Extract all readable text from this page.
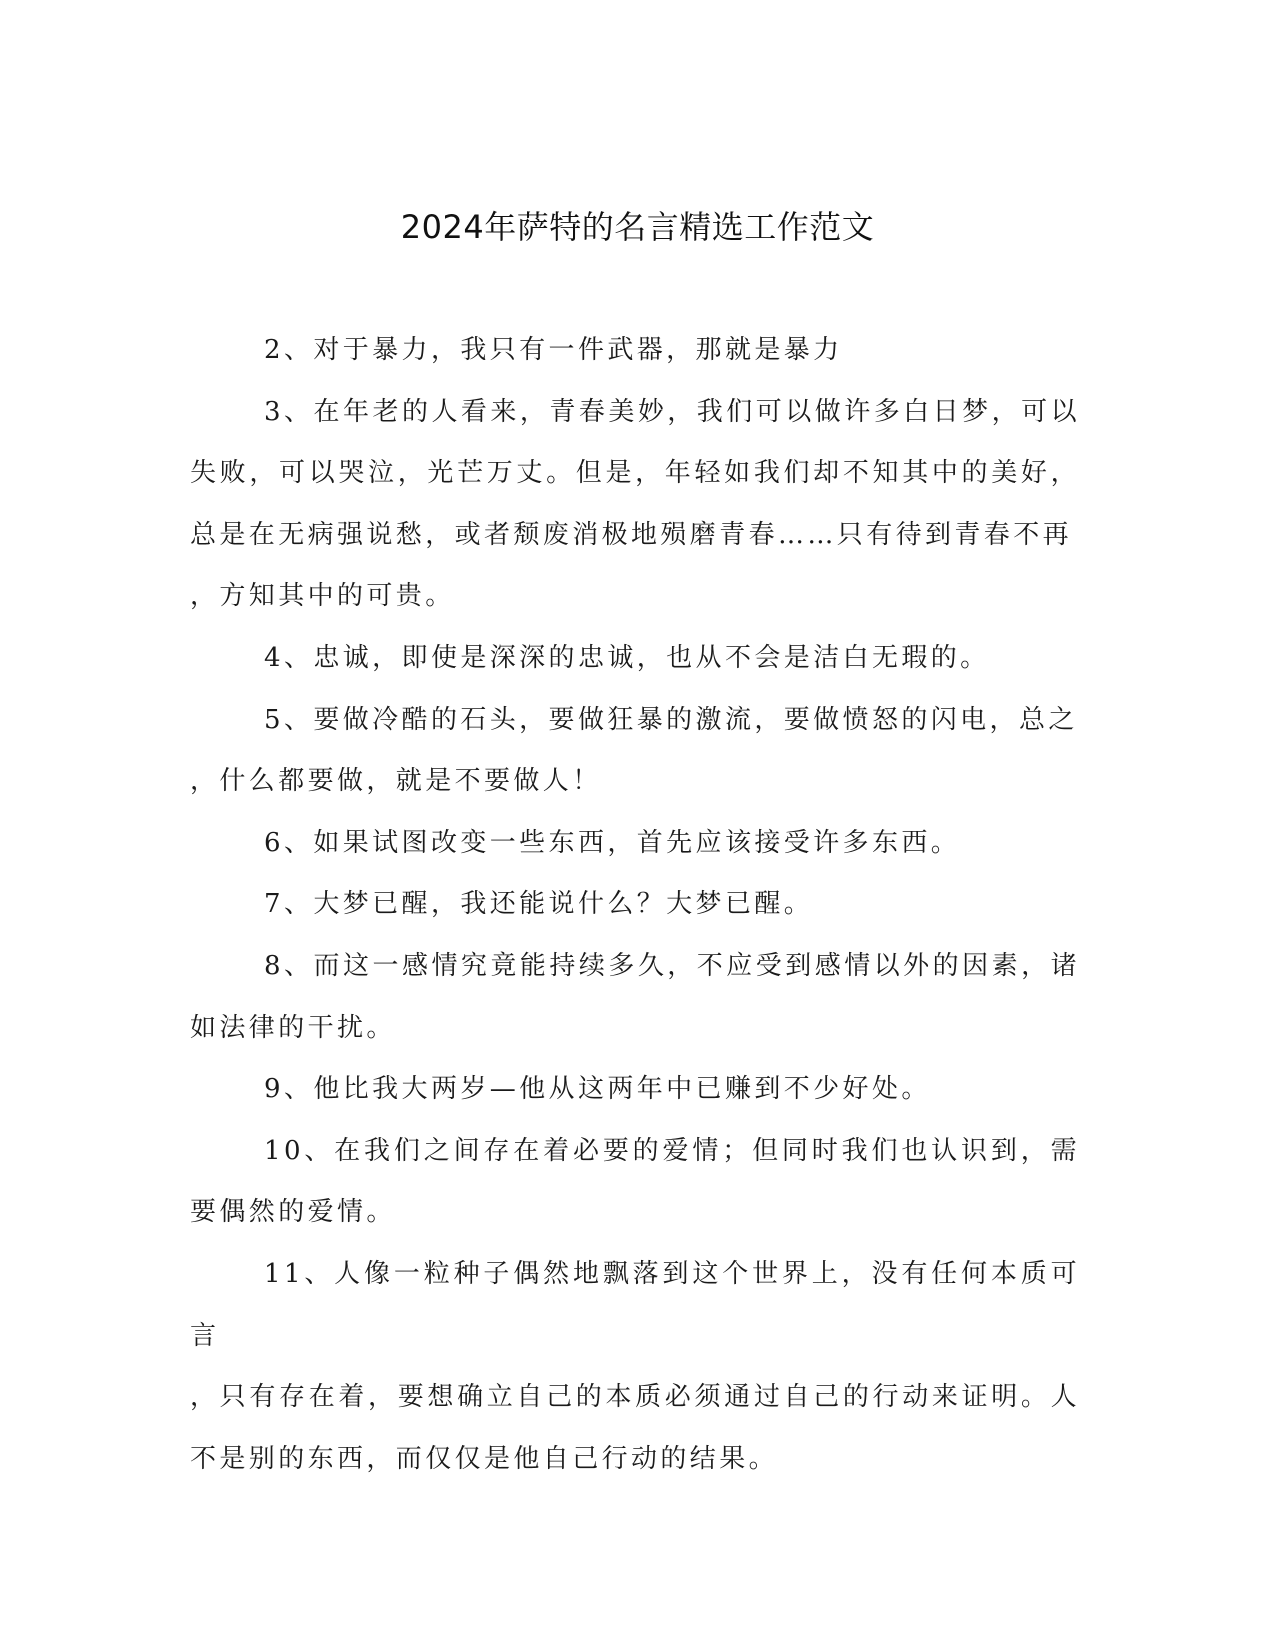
2024年萨特的名言精选工作范文

2、对于暴力，我只有一件武器，那就是暴力

3、在年老的人看来，青春美妙，我们可以做许多白日梦，可以失败，可以哭泣，光芒万丈。但是，年轻如我们却不知其中的美好，总是在无病强说愁，或者颓废消极地殒磨青春……只有待到青春不再
，方知其中的可贵。

4、忠诚，即使是深深的忠诚，也从不会是洁白无瑕的。

5、要做冷酷的石头，要做狂暴的激流，要做愤怒的闪电，总之
，什么都要做，就是不要做人！

6、如果试图改变一些东西，首先应该接受许多东西。

7、大梦已醒，我还能说什么？大梦已醒。

8、而这一感情究竟能持续多久，不应受到感情以外的因素，诸如法律的干扰。

9、他比我大两岁—他从这两年中已赚到不少好处。

10、在我们之间存在着必要的爱情；但同时我们也认识到，需要偶然的爱情。

11、人像一粒种子偶然地飘落到这个世界上，没有任何本质可言
，只有存在着，要想确立自己的本质必须通过自己的行动来证明。人不是别的东西，而仅仅是他自己行动的结果。
